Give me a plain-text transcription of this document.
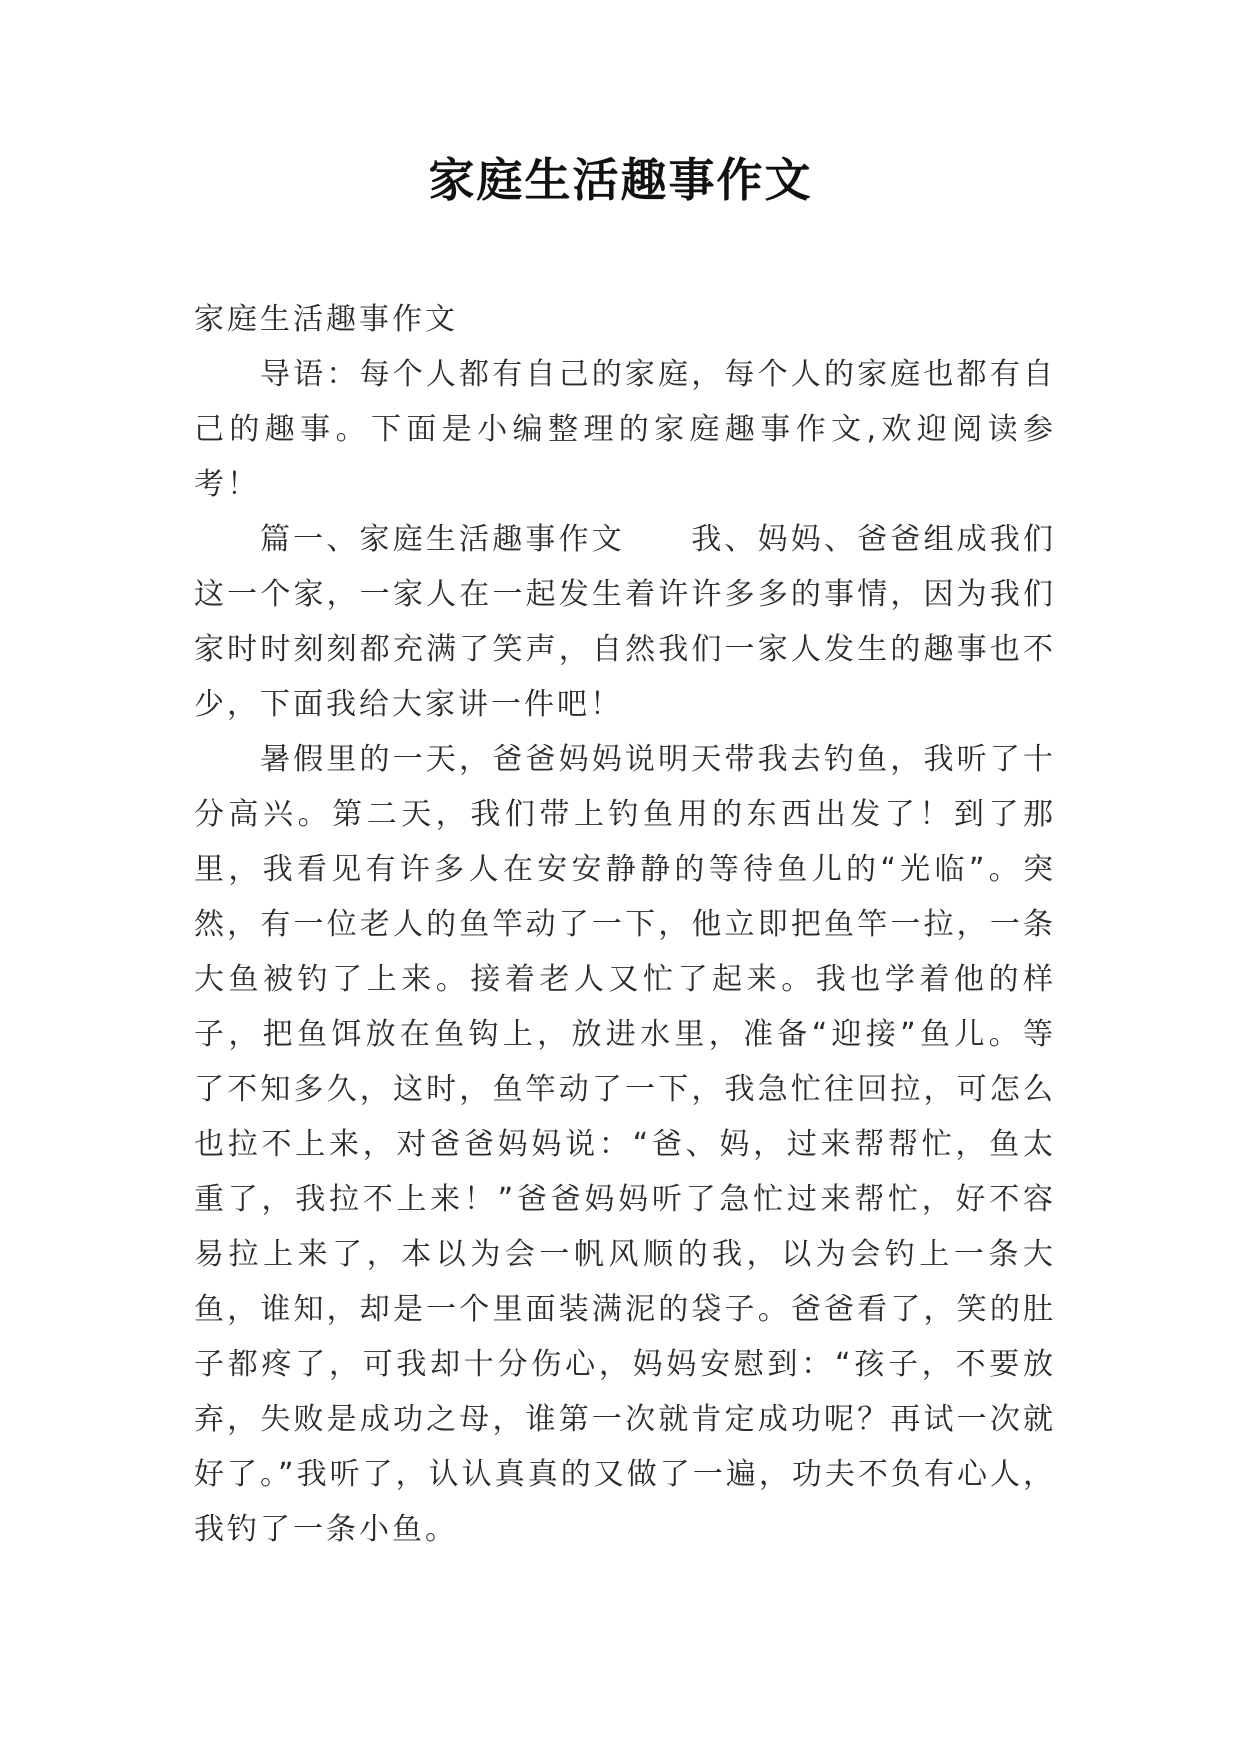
家庭生活趣事作文

家庭生活趣事作文

导语：每个人都有自己的家庭，每个人的家庭也都有自己的趣事。下面是小编整理的家庭趣事作文,欢迎阅读参考！

篇一、家庭生活趣事作文　　我、妈妈、爸爸组成我们这一个家，一家人在一起发生着许许多多的事情，因为我们家时时刻刻都充满了笑声，自然我们一家人发生的趣事也不少，下面我给大家讲一件吧！

暑假里的一天，爸爸妈妈说明天带我去钓鱼，我听了十分高兴。第二天，我们带上钓鱼用的东西出发了！到了那里，我看见有许多人在安安静静的等待鱼儿的“光临”。突然，有一位老人的鱼竿动了一下，他立即把鱼竿一拉，一条大鱼被钓了上来。接着老人又忙了起来。我也学着他的样子，把鱼饵放在鱼钩上，放进水里，准备“迎接”鱼儿。等了不知多久，这时，鱼竿动了一下，我急忙往回拉，可怎么也拉不上来，对爸爸妈妈说：“爸、妈，过来帮帮忙，鱼太重了，我拉不上来！”爸爸妈妈听了急忙过来帮忙，好不容易拉上来了，本以为会一帆风顺的我，以为会钓上一条大鱼，谁知，却是一个里面装满泥的袋子。爸爸看了，笑的肚子都疼了，可我却十分伤心，妈妈安慰到：“孩子，不要放弃，失败是成功之母，谁第一次就肯定成功呢？再试一次就好了。”我听了，认认真真的又做了一遍，功夫不负有心人，我钓了一条小鱼。
